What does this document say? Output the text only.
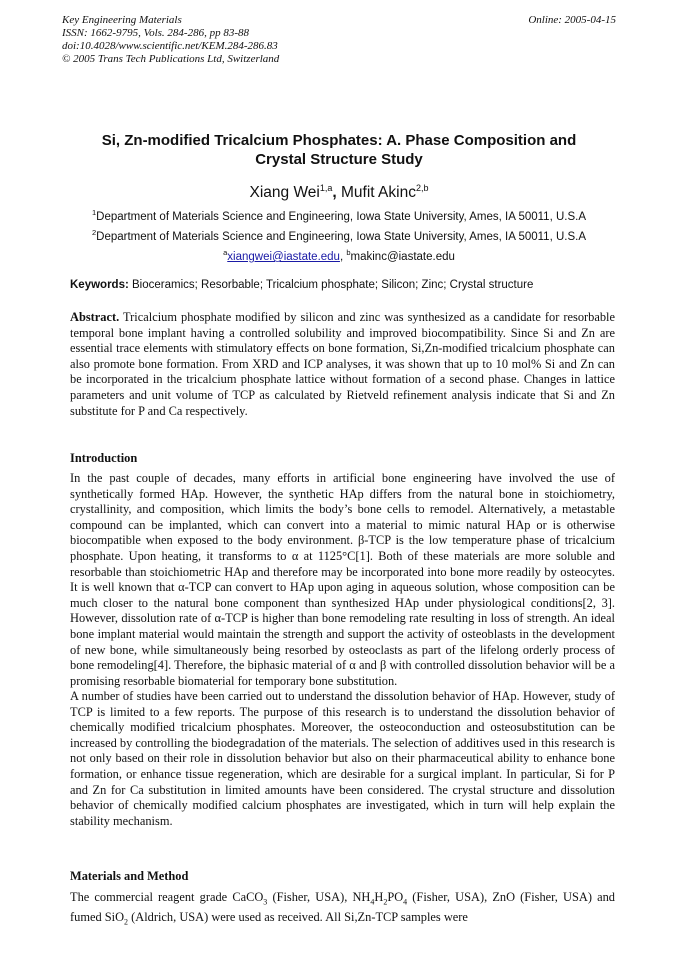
Key Engineering Materials
ISSN: 1662-9795, Vols. 284-286, pp 83-88
doi:10.4028/www.scientific.net/KEM.284-286.83
© 2005 Trans Tech Publications Ltd, Switzerland
Online: 2005-04-15
Si, Zn-modified Tricalcium Phosphates: A. Phase Composition and
Crystal Structure Study
Xiang Wei$^{1,a}$, Mufit Akinc$^{2,b}$
$^1$Department of Materials Science and Engineering, Iowa State University, Ames, IA 50011, U.S.A
$^2$Department of Materials Science and Engineering, Iowa State University, Ames, IA 50011, U.S.A
$^a$xiangwei@iastate.edu, $^b$makinc@iastate.edu
Keywords: Bioceramics; Resorbable; Tricalcium phosphate; Silicon; Zinc; Crystal structure
Abstract. Tricalcium phosphate modified by silicon and zinc was synthesized as a candidate for resorbable temporal bone implant having a controlled solubility and improved biocompatibility. Since Si and Zn are essential trace elements with stimulatory effects on bone formation, Si,Zn-modified tricalcium phosphate can also promote bone formation. From XRD and ICP analyses, it was shown that up to 10 mol% Si and Zn can be incorporated in the tricalcium phosphate lattice without formation of a second phase. Changes in lattice parameters and unit volume of TCP as calculated by Rietveld refinement analysis indicate that Si and Zn substitute for P and Ca respectively.
Introduction
In the past couple of decades, many efforts in artificial bone engineering have involved the use of synthetically formed HAp. However, the synthetic HAp differs from the natural bone in stoichiometry, crystallinity, and composition, which limits the body’s bone cells to remodel. Alternatively, a metastable compound can be implanted, which can convert into a material to mimic natural HAp or is otherwise biocompatible when exposed to the body environment. β-TCP is the low temperature phase of tricalcium phosphate. Upon heating, it transforms to α at 1125°C[1]. Both of these materials are more soluble and resorbable than stoichiometric HAp and therefore may be incorporated into bone more readily by osteocytes. It is well known that α-TCP can convert to HAp upon aging in aqueous solution, whose composition can be much closer to the natural bone component than synthesized HAp under physiological conditions[2, 3]. However, dissolution rate of α-TCP is higher than bone remodeling rate resulting in loss of strength. An ideal bone implant material would maintain the strength and support the activity of osteoblasts in the development of new bone, while simultaneously being resorbed by osteoclasts as part of the lifelong orderly process of bone remodeling[4]. Therefore, the biphasic material of α and β with controlled dissolution behavior will be a promising resorbable biomaterial for temporary bone substitution.
A number of studies have been carried out to understand the dissolution behavior of HAp. However, study of TCP is limited to a few reports. The purpose of this research is to understand the dissolution behavior of chemically modified tricalcium phosphates. Moreover, the osteoconduction and osteosubstitution can be increased by controlling the biodegradation of the materials. The selection of additives used in this research is not only based on their role in dissolution behavior but also on their pharmaceutical ability to enhance bone formation, or enhance tissue regeneration, which are desirable for a surgical implant. In particular, Si for P and Zn for Ca substitution in limited amounts have been considered. The crystal structure and dissolution behavior of chemically modified calcium phosphates are investigated, which in turn will help explain the stability mechanism.
Materials and Method
The commercial reagent grade CaCO$_3$ (Fisher, USA), $NH_4H_2PO_4$ (Fisher, USA), ZnO (Fisher, USA) and fumed SiO$_2$ (Aldrich, USA) were used as received. All Si,Zn-TCP samples were
